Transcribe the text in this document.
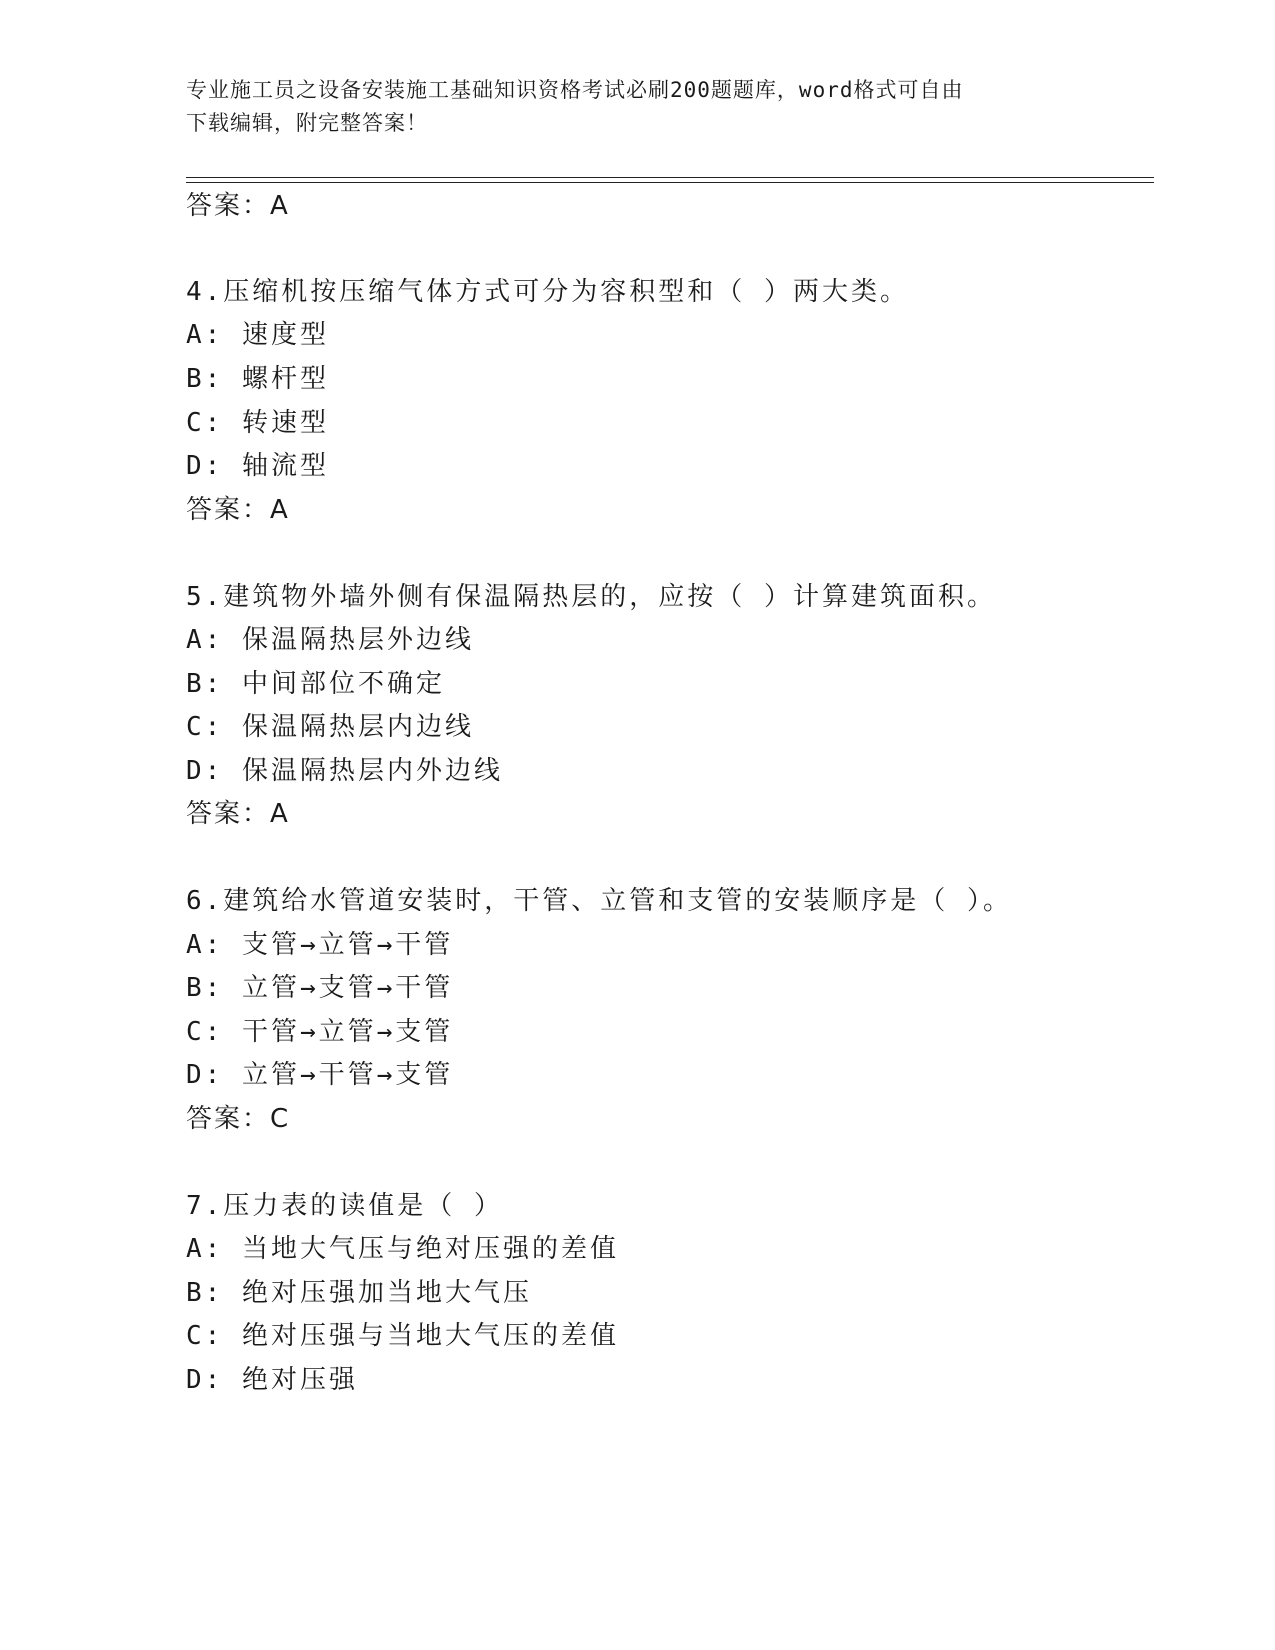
专业施工员之设备安装施工基础知识资格考试必刷200题题库，word格式可自由
下载编辑，附完整答案！
答案：A
4.压缩机按压缩气体方式可分为容积型和（ ）两大类。
A: 速度型
B: 螺杆型
C: 转速型
D: 轴流型
答案：A
5.建筑物外墙外侧有保温隔热层的，应按（ ）计算建筑面积。
A: 保温隔热层外边线
B: 中间部位不确定
C: 保温隔热层内边线
D: 保温隔热层内外边线
答案：A
6.建筑给水管道安装时，干管、立管和支管的安装顺序是（ ）。
A: 支管→立管→干管
B: 立管→支管→干管
C: 干管→立管→支管
D: 立管→干管→支管
答案：C
7.压力表的读值是（ ）
A: 当地大气压与绝对压强的差值
B: 绝对压强加当地大气压
C: 绝对压强与当地大气压的差值
D: 绝对压强
